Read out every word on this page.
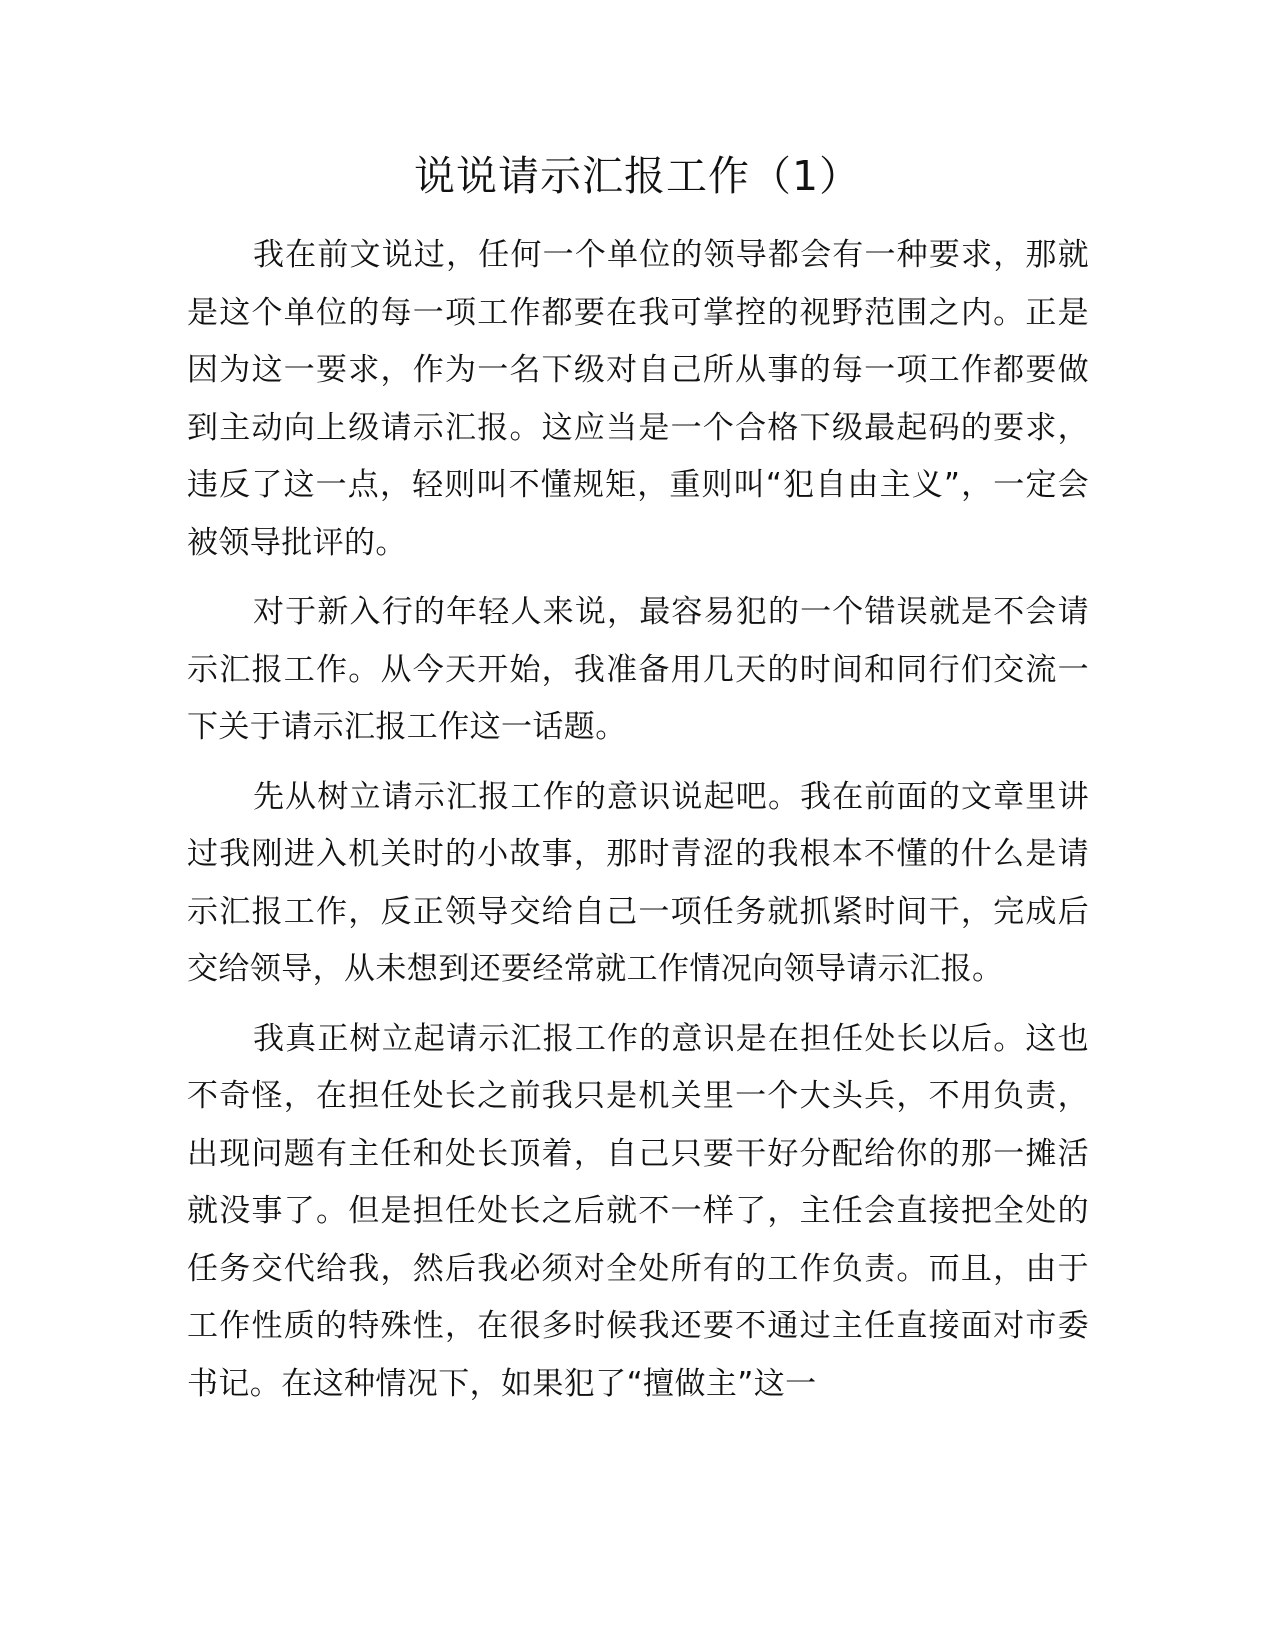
说说请示汇报工作（1）

我在前文说过，任何一个单位的领导都会有一种要求，那就是这个单位的每一项工作都要在我可掌控的视野范围之内。正是因为这一要求，作为一名下级对自己所从事的每一项工作都要做到主动向上级请示汇报。这应当是一个合格下级最起码的要求，违反了这一点，轻则叫不懂规矩，重则叫“犯自由主义”，一定会被领导批评的。

对于新入行的年轻人来说，最容易犯的一个错误就是不会请示汇报工作。从今天开始，我准备用几天的时间和同行们交流一下关于请示汇报工作这一话题。

先从树立请示汇报工作的意识说起吧。我在前面的文章里讲过我刚进入机关时的小故事，那时青涩的我根本不懂的什么是请示汇报工作，反正领导交给自己一项任务就抓紧时间干，完成后交给领导，从未想到还要经常就工作情况向领导请示汇报。

我真正树立起请示汇报工作的意识是在担任处长以后。这也不奇怪，在担任处长之前我只是机关里一个大头兵，不用负责，出现问题有主任和处长顶着，自己只要干好分配给你的那一摊活就没事了。但是担任处长之后就不一样了，主任会直接把全处的任务交代给我，然后我必须对全处所有的工作负责。而且，由于工作性质的特殊性，在很多时候我还要不通过主任直接面对市委书记。在这种情况下，如果犯了“擅做主”这一
